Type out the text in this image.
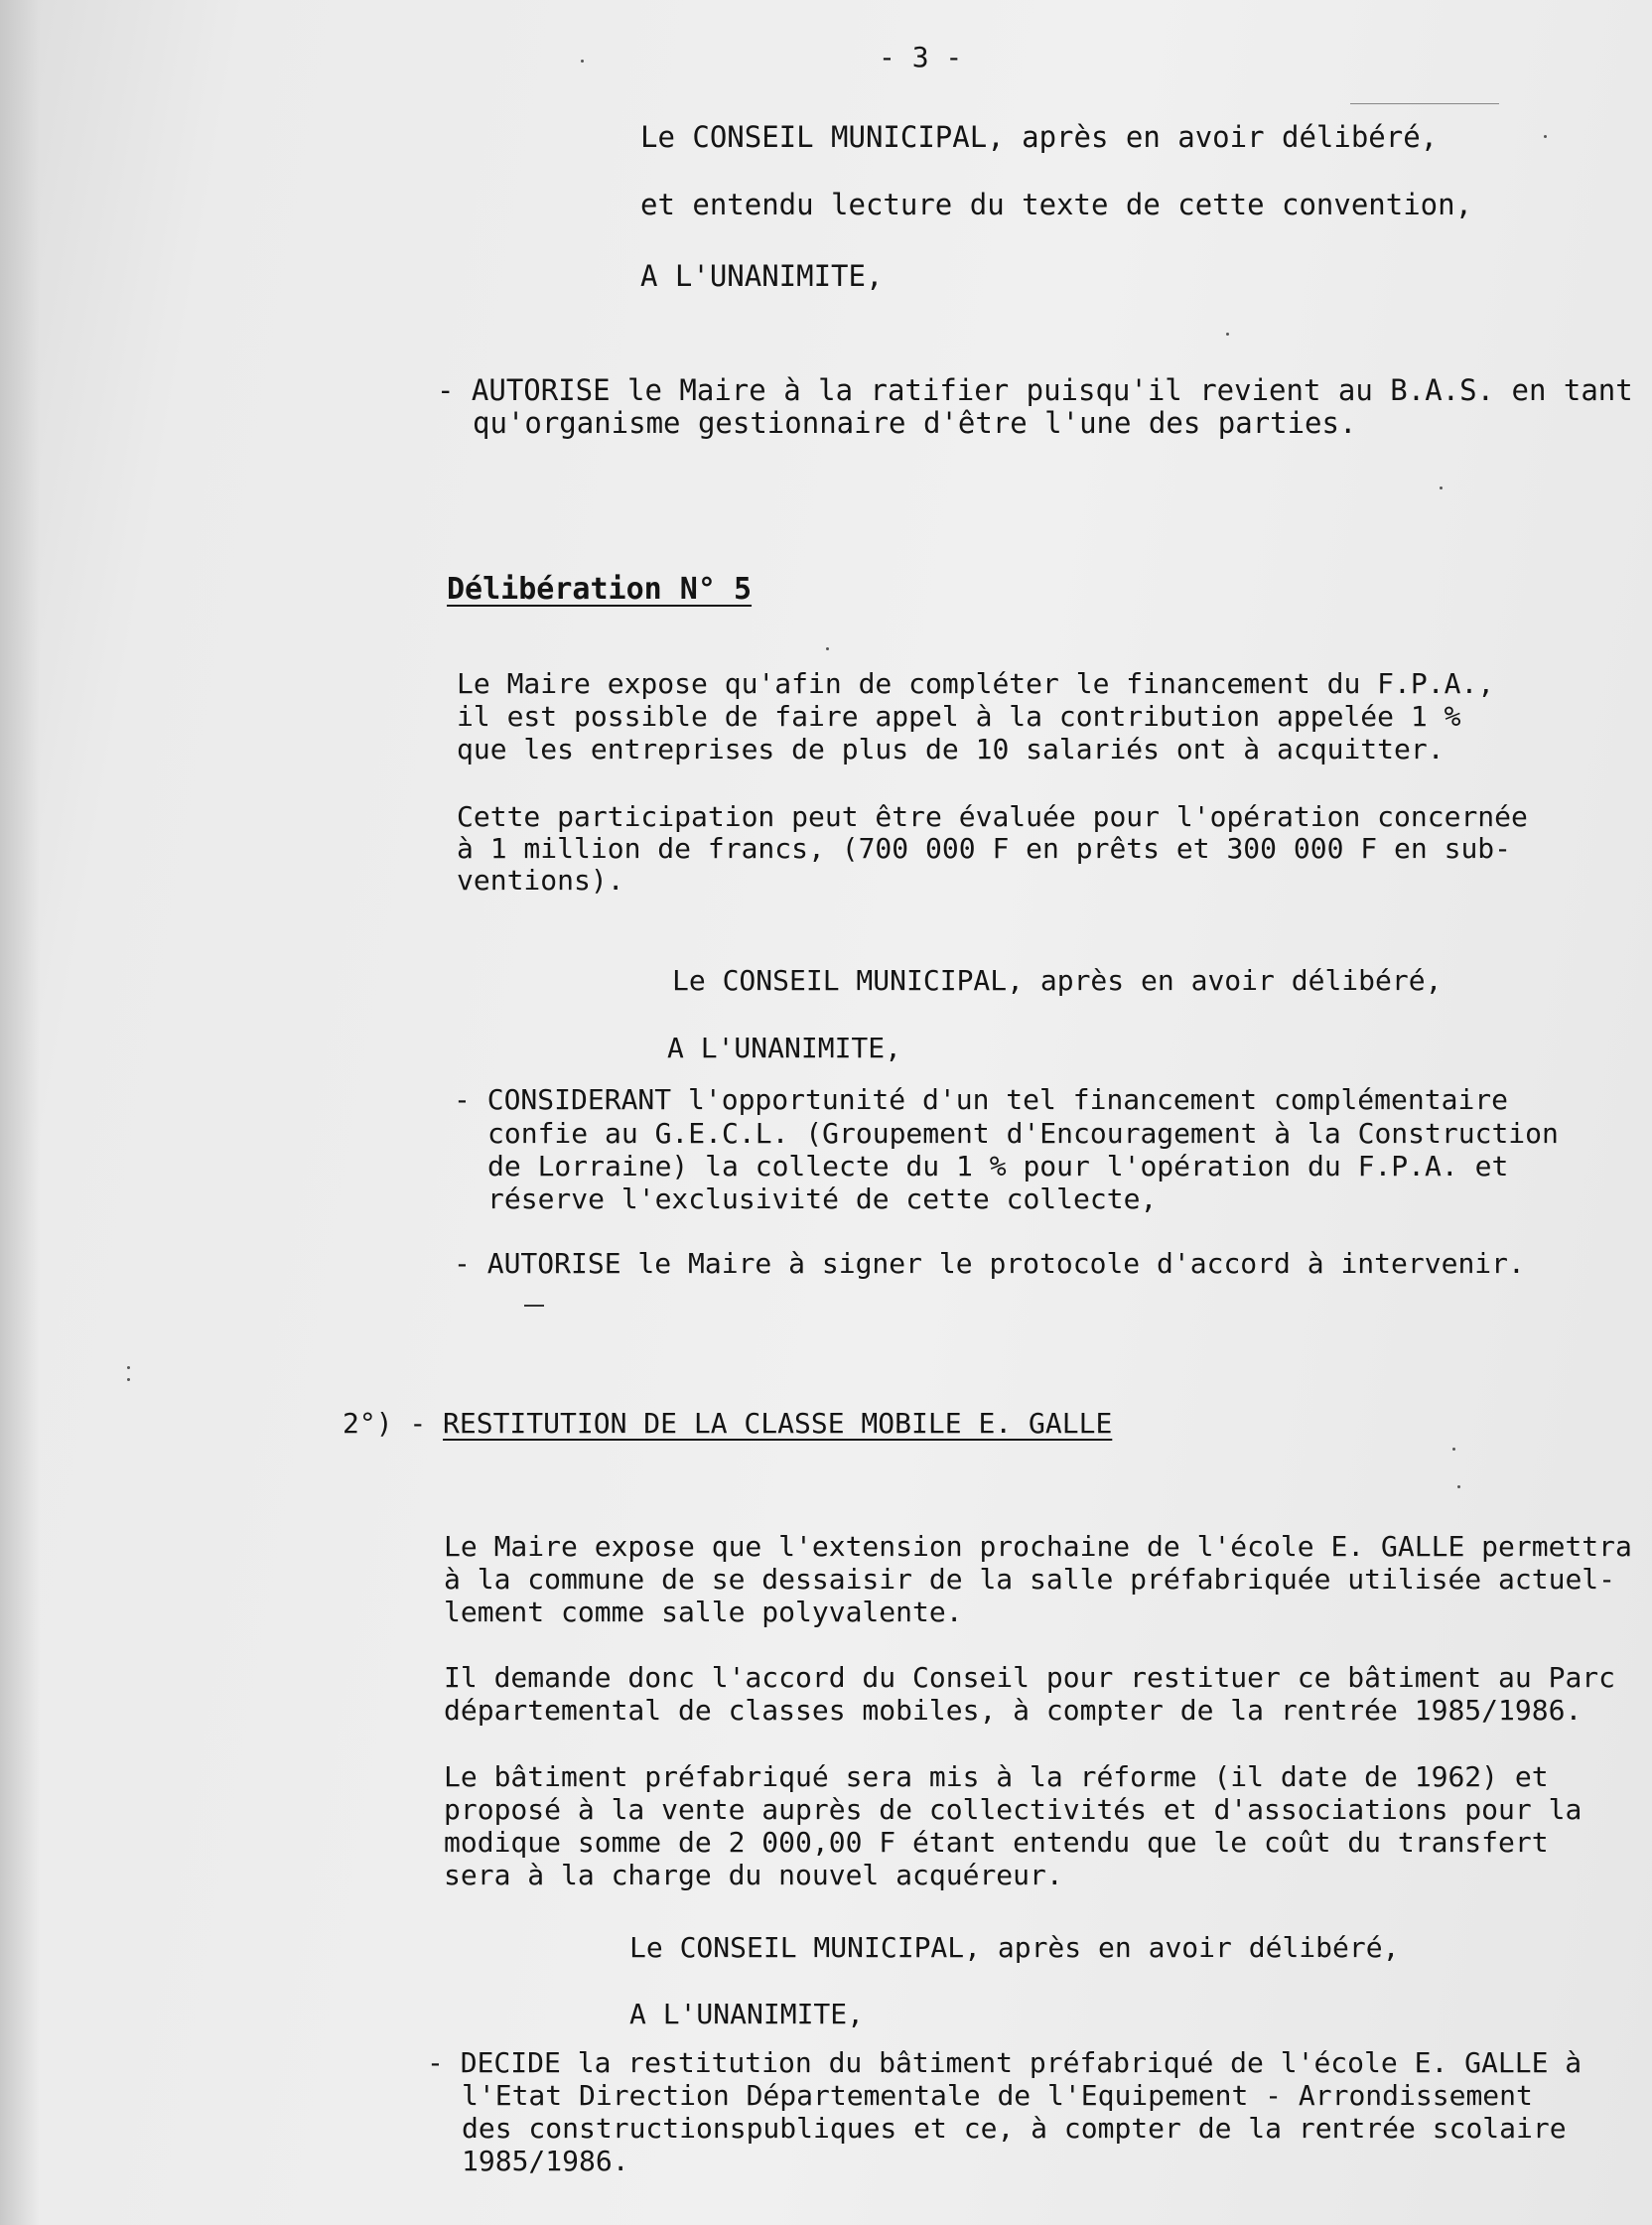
- 3 -
Le CONSEIL MUNICIPAL, après en avoir délibéré,
et entendu lecture du texte de cette convention,
A L'UNANIMITE,
- AUTORISE le Maire à la ratifier puisqu'il revient au B.A.S. en tant
qu'organisme gestionnaire d'être l'une des parties.
Délibération N° 5
Le Maire expose qu'afin de compléter le financement du F.P.A.,
il est possible de faire appel à la contribution appelée 1 %
que les entreprises de plus de 10 salariés ont à acquitter.
Cette participation peut être évaluée pour l'opération concernée
à 1 million de francs, (700 000 F en prêts et 300 000 F en sub-
ventions).
Le CONSEIL MUNICIPAL, après en avoir délibéré,
A L'UNANIMITE,
- CONSIDERANT l'opportunité d'un tel financement complémentaire
confie au G.E.C.L. (Groupement d'Encouragement à la Construction
de Lorraine) la collecte du 1 % pour l'opération du F.P.A. et
réserve l'exclusivité de cette collecte,
- AUTORISE le Maire à signer le protocole d'accord à intervenir.
2°) - RESTITUTION DE LA CLASSE MOBILE E. GALLE
Le Maire expose que l'extension prochaine de l'école E. GALLE permettra
à la commune de se dessaisir de la salle préfabriquée utilisée actuel-
lement comme salle polyvalente.
Il demande donc l'accord du Conseil pour restituer ce bâtiment au Parc
départemental de classes mobiles, à compter de la rentrée 1985/1986.
Le bâtiment préfabriqué sera mis à la réforme (il date de 1962) et
proposé à la vente auprès de collectivités et d'associations pour la
modique somme de 2 000,00 F étant entendu que le coût du transfert
sera à la charge du nouvel acquéreur.
Le CONSEIL MUNICIPAL, après en avoir délibéré,
A L'UNANIMITE,
- DECIDE la restitution du bâtiment préfabriqué de l'école E. GALLE à
l'Etat Direction Départementale de l'Equipement - Arrondissement
des constructionspubliques et ce, à compter de la rentrée scolaire
1985/1986.
